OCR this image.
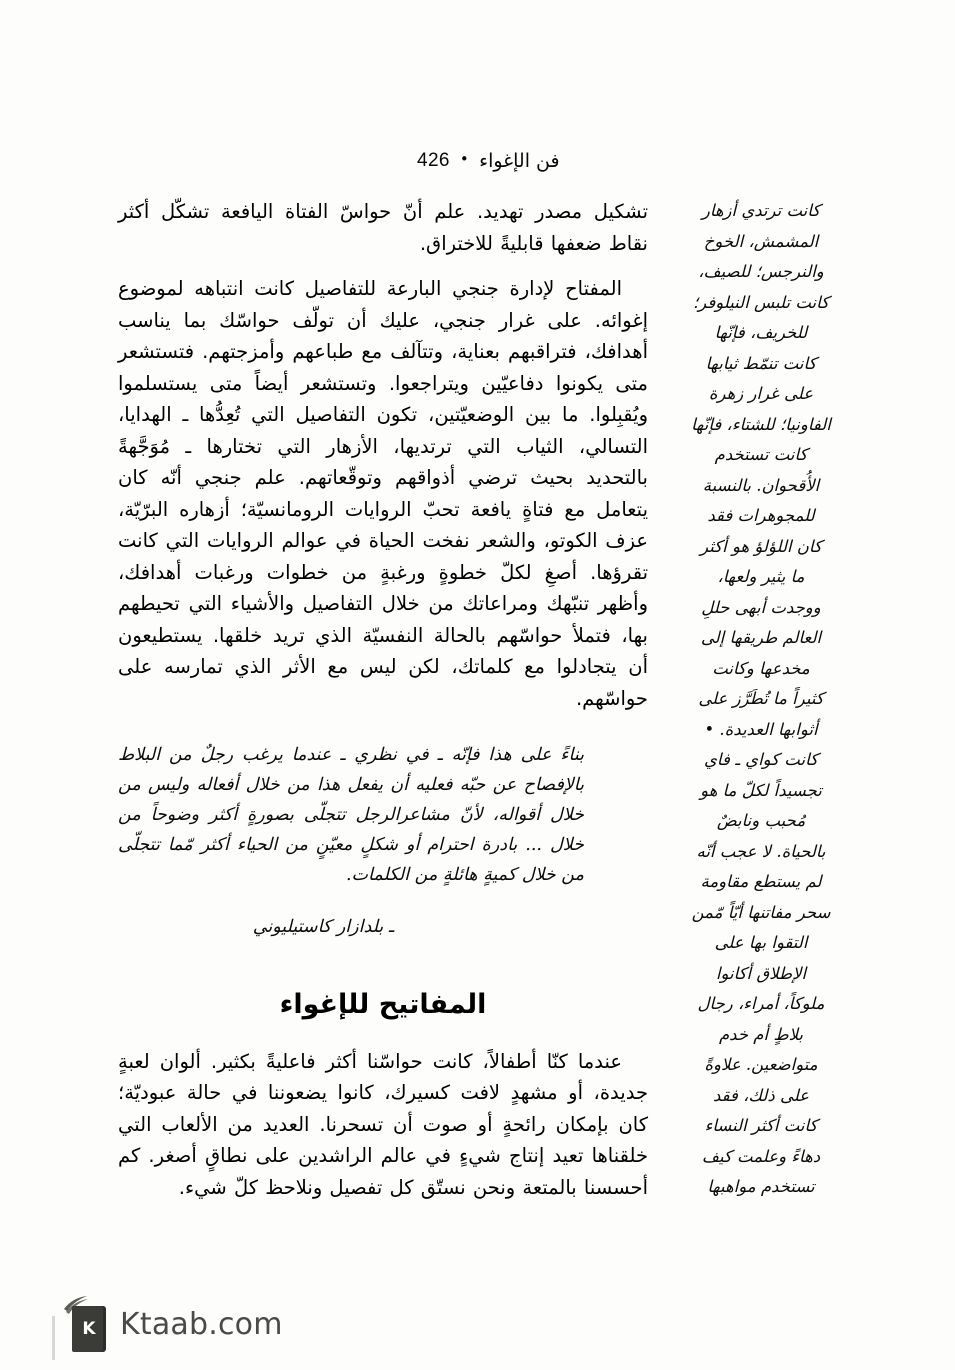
فن الإغواء
•
426

تشكيل مصدر تهديد. علم أنّ حواسّ الفتاة اليافعة تشكّل أكثر نقاط ضعفها قابليةً للاختراق.

المفتاح لإدارة جنجي البارعة للتفاصيل كانت انتباهه لموضوع إغوائه. على غرار جنجي، عليك أن تولّف حواسّك بما يناسب أهدافك، فتراقبهم بعناية، وتتآلف مع طباعهم وأمزجتهم. فتستشعر متى يكونوا دفاعيّين ويتراجعوا. وتستشعر أيضاً متى يستسلموا ويُقبِلوا. ما بين الوضعيّتين، تكون التفاصيل التي تُعِدُّها ـ الهدايا، التسالي، الثياب التي ترتديها، الأزهار التي تختارها ـ مُوَجَّهةً بالتحديد بحيث ترضي أذواقهم وتوقّعاتهم. علم جنجي أنّه كان يتعامل مع فتاةٍ يافعة تحبّ الروايات الرومانسيّة؛ أزهاره البرّيّة، عزف الكوتو، والشعر نفخت الحياة في عوالم الروايات التي كانت تقرؤها. أصغِ لكلّ خطوةٍ ورغبةٍ من خطوات ورغبات أهدافك، وأظهر تنبّهك ومراعاتك من خلال التفاصيل والأشياء التي تحيطهم بها، فتملأ حواسّهم بالحالة النفسيّة الذي تريد خلقها. يستطيعون أن يتجادلوا مع كلماتك، لكن ليس مع الأثر الذي تمارسه على حواسّهم.

بناءً على هذا فإنّه ـ في نظري ـ عندما يرغب رجلٌ من البلاط بالإفصاح عن حبّه فعليه أن يفعل هذا من خلال أفعاله وليس من خلال أقواله، لأنّ مشاعرالرجل تتجلّى بصورةٍ أكثر وضوحاً من خلال ... بادرة احترام أو شكلٍ معيّنٍ من الحياء أكثر مّما تتجلّى من خلال كميةٍ هائلةٍ من الكلمات.

ـ بلدازار كاستيليوني

المفاتيح للإغواء

عندما كنّا أطفالاً، كانت حواسّنا أكثر فاعليةً بكثير. ألوان لعبةٍ جديدة، أو مشهدٍ لافت كسيرك، كانوا يضعوننا في حالة عبوديّة؛ كان بإمكان رائحةٍ أو صوت أن تسحرنا. العديد من الألعاب التي خلقناها تعيد إنتاج شيءٍ في عالم الراشدين على نطاقٍ أصغر. كم أحسسنا بالمتعة ونحن نستّق كل تفصيل ونلاحظ كلّ شيء.

كانت ترتدي أزهار

المشمش، الخوخ

والنرجس؛ للصيف،

كانت تلبس النيلوفر؛

للخريف، فإنّها

كانت تنمّط ثيابها

على غرار زهرة

الفاونيا؛ للشتاء، فإنّها

كانت تستخدم

الأُقحوان. بالنسبة

للمجوهرات فقد

كان اللؤلؤ هو أكثر

ما يثير ولعها،

ووجدت أبهى حللِ

العالم طريقها إلى

مخدعها وكانت

كثيراً ما تُطَرَّز على

أثوابها العديدة. •

كانت كواي ـ فاي

تجسيداً لكلّ ما هو

مُحبب ونابضٌ

بالحياة. لا عجب أنّه

لم يستطع مقاومة

سحر مفاتنها أيّاً مّمن

التقوا بها على

الإطلاق أكانوا

ملوكاً، أمراء، رجال

بلاطٍ أم خدم

متواضعين. علاوةً

على ذلك، فقد

كانت أكثر النساء

دهاءً وعلمت كيف

تستخدم مواهبها

K Ktaab.com
